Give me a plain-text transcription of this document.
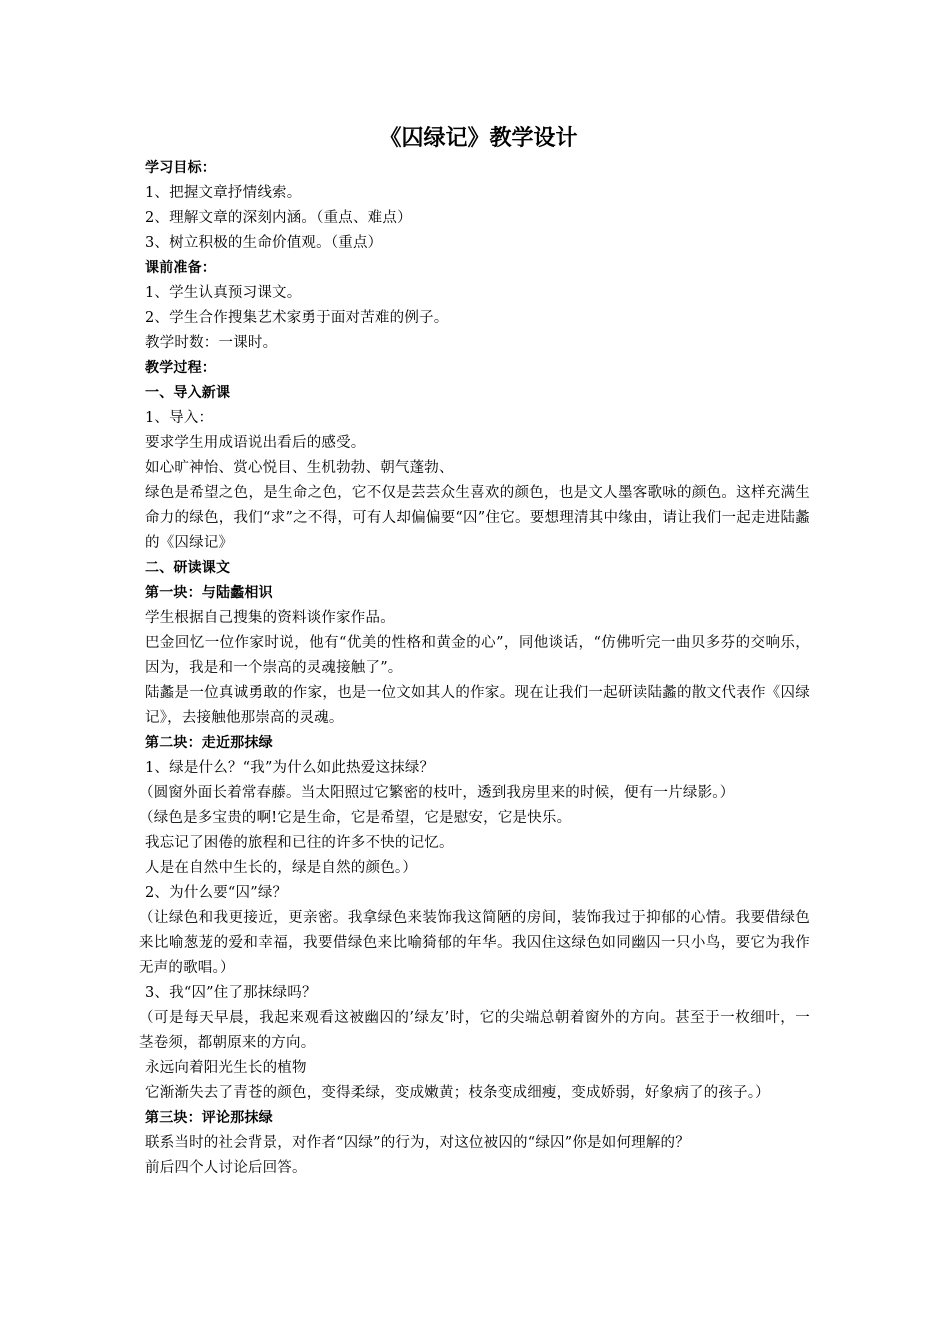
《囚绿记》教学设计

学习目标：

1、把握文章抒情线索。

2、理解文章的深刻内涵。（重点、难点）

3、树立积极的生命价值观。（重点）

课前准备：

1、学生认真预习课文。

2、学生合作搜集艺术家勇于面对苦难的例子。

教学时数：一课时。

教学过程：

一、导入新课

1、导入：

要求学生用成语说出看后的感受。

如心旷神怡、赏心悦目、生机勃勃、朝气蓬勃、

绿色是希望之色，是生命之色，它不仅是芸芸众生喜欢的颜色，也是文人墨客歌咏的颜色。这样充满生命力的绿色，我们“求”之不得，可有人却偏偏要“囚”住它。要想理清其中缘由，请让我们一起走进陆蠡的《囚绿记》

二、研读课文

第一块：与陆蠡相识

学生根据自己搜集的资料谈作家作品。

巴金回忆一位作家时说，他有“优美的性格和黄金的心”，同他谈话，“仿佛听完一曲贝多芬的交响乐，因为，我是和一个崇高的灵魂接触了”。

陆蠡是一位真诚勇敢的作家，也是一位文如其人的作家。现在让我们一起研读陆蠡的散文代表作《囚绿记》，去接触他那崇高的灵魂。

第二块：走近那抹绿

1、绿是什么？“我”为什么如此热爱这抹绿？

（圆窗外面长着常春藤。当太阳照过它繁密的枝叶，透到我房里来的时候，便有一片绿影。）

（绿色是多宝贵的啊!它是生命，它是希望，它是慰安，它是快乐。

我忘记了困倦的旅程和已往的许多不快的记忆。

人是在自然中生长的，绿是自然的颜色。）

2、为什么要“囚”绿？

（让绿色和我更接近，更亲密。我拿绿色来装饰我这简陋的房间，装饰我过于抑郁的心情。我要借绿色来比喻葱茏的爱和幸福，我要借绿色来比喻猗郁的年华。我囚住这绿色如同幽囚一只小鸟，要它为我作无声的歌唱。）

3、我“囚”住了那抹绿吗？

（可是每天早晨，我起来观看这被幽囚的’绿友’时，它的尖端总朝着窗外的方向。甚至于一枚细叶，一茎卷须，都朝原来的方向。

永远向着阳光生长的植物

它渐渐失去了青苍的颜色，变得柔绿，变成嫩黄；枝条变成细瘦，变成娇弱，好象病了的孩子。）

第三块：评论那抹绿

联系当时的社会背景，对作者“囚绿”的行为，对这位被囚的“绿囚”你是如何理解的？

前后四个人讨论后回答。
